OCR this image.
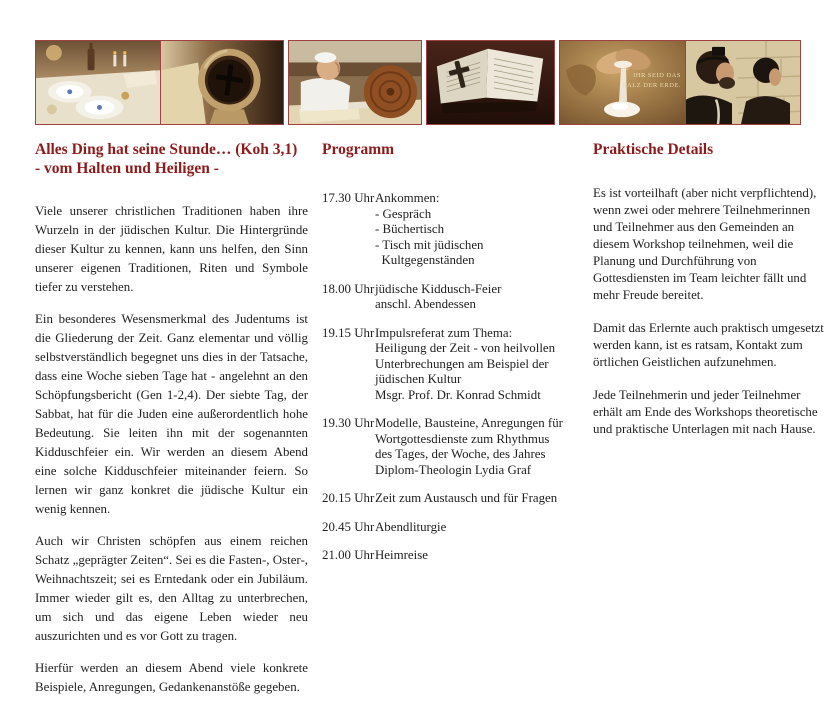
IHR SEID DAS SALZ DER ERDE.
Alles Ding hat seine Stunde… (Koh 3,1)
- vom Halten und Heiligen -

Viele unserer christlichen Traditionen haben ihre Wurzeln in der jüdischen Kultur. Die Hintergründe dieser Kultur zu kennen, kann uns helfen, den Sinn unserer eigenen Traditionen, Riten und Symbole tiefer zu verstehen.

Ein besonderes Wesensmerkmal des Judentums ist die Gliederung der Zeit. Ganz elementar und völlig selbstverständlich begegnet uns dies in der Tatsache, dass eine Woche sieben Tage hat - angelehnt an den Schöpfungsbericht (Gen 1-2,4). Der siebte Tag, der Sabbat, hat für die Juden eine außerordentlich hohe Bedeutung. Sie leiten ihn mit der sogenannten Kidduschfeier ein. Wir werden an diesem Abend eine solche Kidduschfeier miteinander feiern. So lernen wir ganz konkret die jüdische Kultur ein wenig kennen.

Auch wir Christen schöpfen aus einem reichen Schatz „geprägter Zeiten“. Sei es die Fasten-, Oster-, Weihnachtszeit; sei es Erntedank oder ein Jubiläum. Immer wieder gilt es, den Alltag zu unterbrechen, um sich und das eigene Leben wieder neu auszurichten und es vor Gott zu tragen.

Hierfür werden an diesem Abend viele konkrete Beispiele, Anregungen, Gedankenanstöße gegeben.

Programm
17.30 Uhr Ankommen:
- Gespräch
- Büchertisch
- Tisch mit jüdischen
Kultgegenständen
18.00 Uhr jüdische Kiddusch-Feier
anschl. Abendessen
19.15 Uhr Impulsreferat zum Thema:
Heiligung der Zeit - von heilvollen
Unterbrechungen am Beispiel der
jüdischen Kultur
Msgr. Prof. Dr. Konrad Schmidt
19.30 Uhr Modelle, Bausteine, Anregungen für
Wortgottesdienste zum Rhythmus
des Tages, der Woche, des Jahres
Diplom-Theologin Lydia Graf
20.15 Uhr Zeit zum Austausch und für Fragen
20.45 Uhr Abendliturgie
21.00 Uhr Heimreise
Praktische Details

Es ist vorteilhaft (aber nicht verpflichtend), wenn zwei oder mehrere Teilnehmerinnen und Teilnehmer aus den Gemeinden an diesem Workshop teilnehmen, weil die Planung und Durchführung von Gottesdiensten im Team leichter fällt und mehr Freude bereitet.

Damit das Erlernte auch praktisch umgesetzt werden kann, ist es ratsam, Kontakt zum örtlichen Geistlichen aufzunehmen.

Jede Teilnehmerin und jeder Teilnehmer erhält am Ende des Workshops theoretische und praktische Unterlagen mit nach Hause.
